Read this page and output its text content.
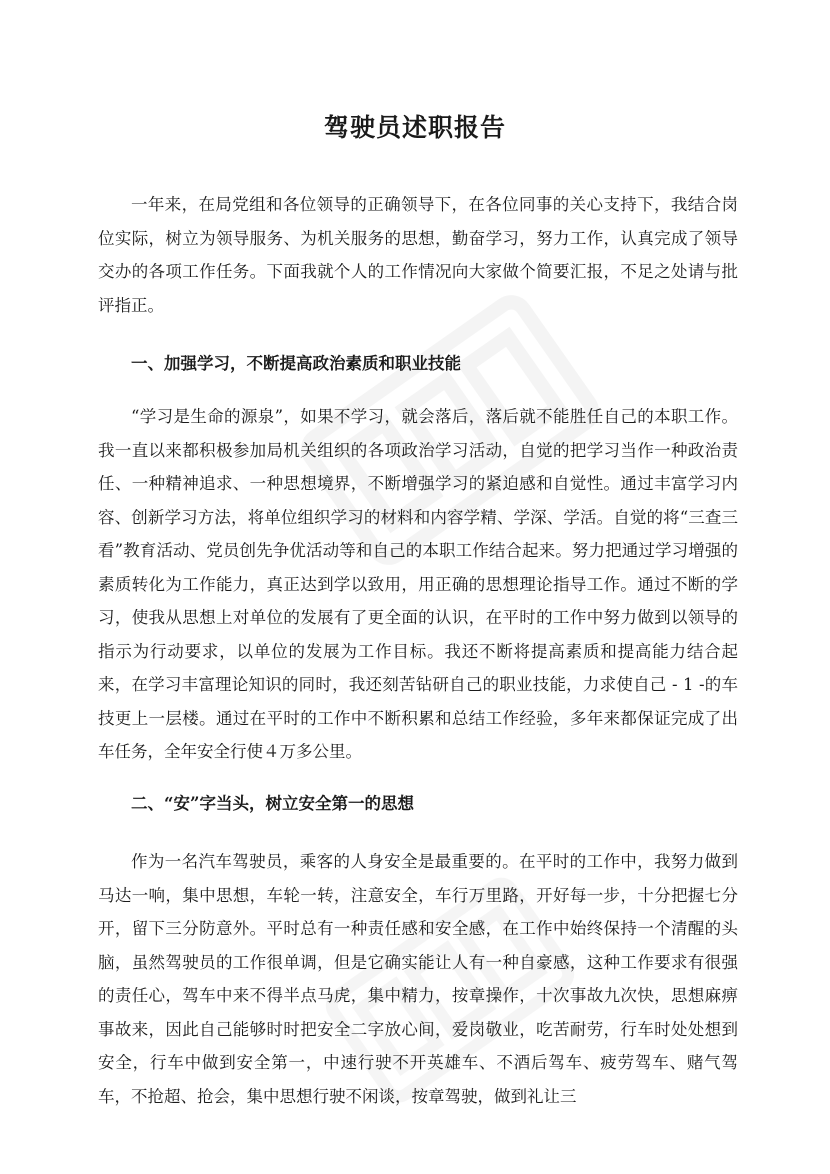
驾驶员述职报告

一年来，在局党组和各位领导的正确领导下，在各位同事的关心支持下，我结合岗位实际，树立为领导服务、为机关服务的思想，勤奋学习，努力工作，认真完成了领导交办的各项工作任务。下面我就个人的工作情况向大家做个简要汇报，不足之处请与批评指正。

一、加强学习，不断提高政治素质和职业技能

“学习是生命的源泉”，如果不学习，就会落后，落后就不能胜任自己的本职工作。我一直以来都积极参加局机关组织的各项政治学习活动，自觉的把学习当作一种政治责任、一种精神追求、一种思想境界，不断增强学习的紧迫感和自觉性。通过丰富学习内容、创新学习方法，将单位组织学习的材料和内容学精、学深、学活。自觉的将“三查三看”教育活动、党员创先争优活动等和自己的本职工作结合起来。努力把通过学习增强的素质转化为工作能力，真正达到学以致用，用正确的思想理论指导工作。通过不断的学习，使我从思想上对单位的发展有了更全面的认识，在平时的工作中努力做到以领导的指示为行动要求，以单位的发展为工作目标。我还不断将提高素质和提高能力结合起来，在学习丰富理论知识的同时，我还刻苦钻研自己的职业技能，力求使自己 - 1 -的车技更上一层楼。通过在平时的工作中不断积累和总结工作经验，多年来都保证完成了出车任务，全年安全行使４万多公里。

二、“安”字当头，树立安全第一的思想

作为一名汽车驾驶员，乘客的人身安全是最重要的。在平时的工作中，我努力做到马达一响，集中思想，车轮一转，注意安全，车行万里路，开好每一步，十分把握七分开，留下三分防意外。平时总有一种责任感和安全感，在工作中始终保持一个清醒的头脑，虽然驾驶员的工作很单调，但是它确实能让人有一种自豪感，这种工作要求有很强的责任心，驾车中来不得半点马虎，集中精力，按章操作，十次事故九次快，思想麻痹事故来，因此自己能够时时把安全二字放心间，爱岗敬业，吃苦耐劳，行车时处处想到安全，行车中做到安全第一，中速行驶不开英雄车、不酒后驾车、疲劳驾车、赌气驾车，不抢超、抢会，集中思想行驶不闲谈，按章驾驶，做到礼让三
